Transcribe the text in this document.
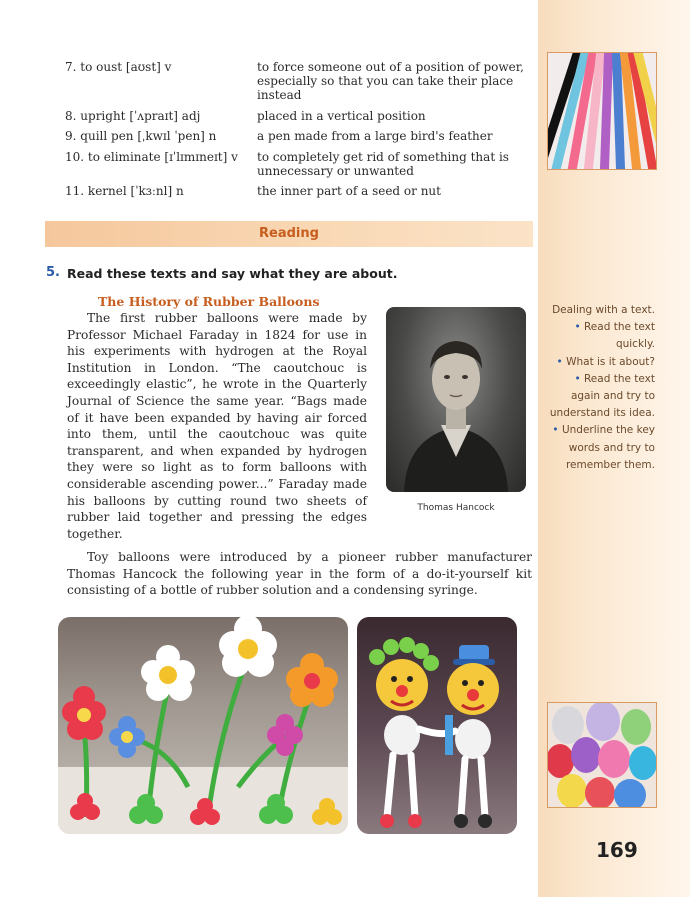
7. to oust [aʊst] v	to force someone out of a position of power, especially so that you can take their place instead
8. upright [ˈʌpraɪt] adj	placed in a vertical position
9. quill pen [ˌkwɪl ˈpen] n	a pen made from a large bird's feather
10. to eliminate [ɪˈlɪmɪneɪt] v	to completely get rid of something that is unnecessary or unwanted
11. kernel [ˈkɜːnl] n	the inner part of a seed or nut
Reading
5. Read these texts and say what they are about.
The History of Rubber Balloons

The first rubber balloons were made by Professor Michael Faraday in 1824 for use in his experiments with hydrogen at the Royal Institution in London. “The caoutchouc is exceedingly elastic”, he wrote in the Quarterly Journal of Science the same year. “Bags made of it have been expanded by having air forced into them, until the caoutchouc was quite transparent, and when expanded by hydrogen they were so light as to form balloons with considerable ascending power...” Faraday made his balloons by cutting round two sheets of rubber laid together and pressing the edges together.

Toy balloons were introduced by a pioneer rubber manufacturer Thomas Hancock the following year in the form of a do-it-yourself kit consisting of a bottle of rubber solution and a condensing syringe.

Thomas Hancock
Dealing with a text.
• Read the text quickly.
• What is it about?
• Read the text again and try to understand its idea.
• Underline the key words and try to remember them.
169
